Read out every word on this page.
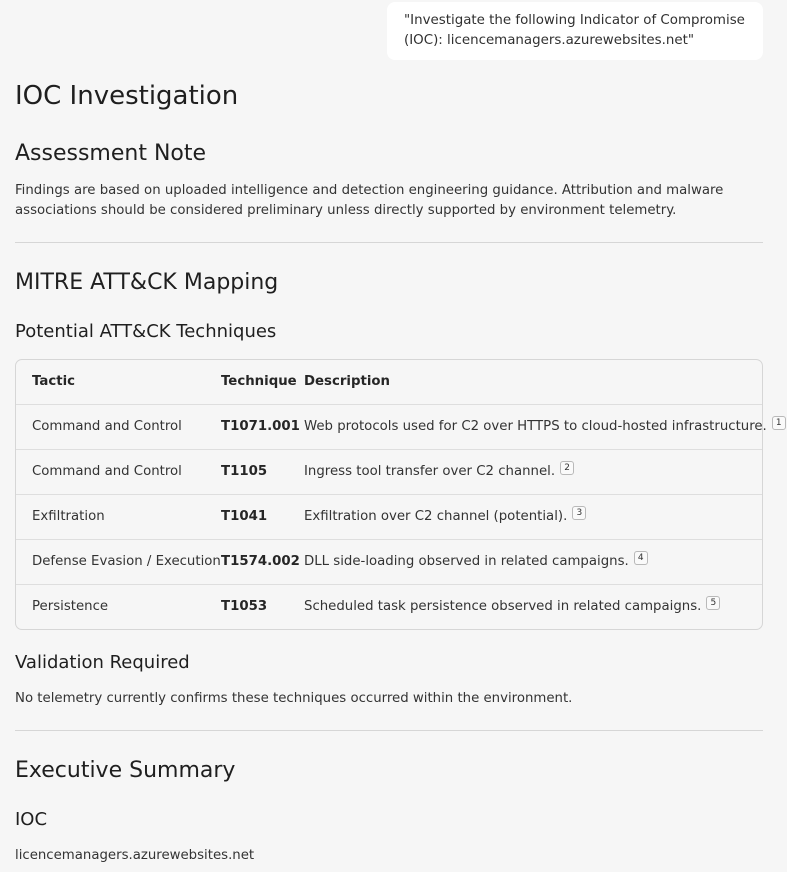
"Investigate the following Indicator of Compromise (IOC): licencemanagers.azurewebsites.net"
IOC Investigation
Assessment Note

Findings are based on uploaded intelligence and detection engineering guidance. Attribution and malware associations should be considered preliminary unless directly supported by environment telemetry.

MITRE ATT&CK Mapping
Potential ATT&CK Techniques
Tactic	Technique Description
Command and Control	T1071.001 Web protocols used for C2 over HTTPS to cloud-hosted infrastructure. 1
Command and Control	T1105	Ingress tool transfer over C2 channel. 2
Exfiltration	T1041	Exfiltration over C2 channel (potential). 3
Defense Evasion / Execution T1574.002 DLL side-loading observed in related campaigns. 4
Persistence	T1053	Scheduled task persistence observed in related campaigns. 5
Validation Required

No telemetry currently confirms these techniques occurred within the environment.

Executive Summary
IOC

licencemanagers.azurewebsites.net
